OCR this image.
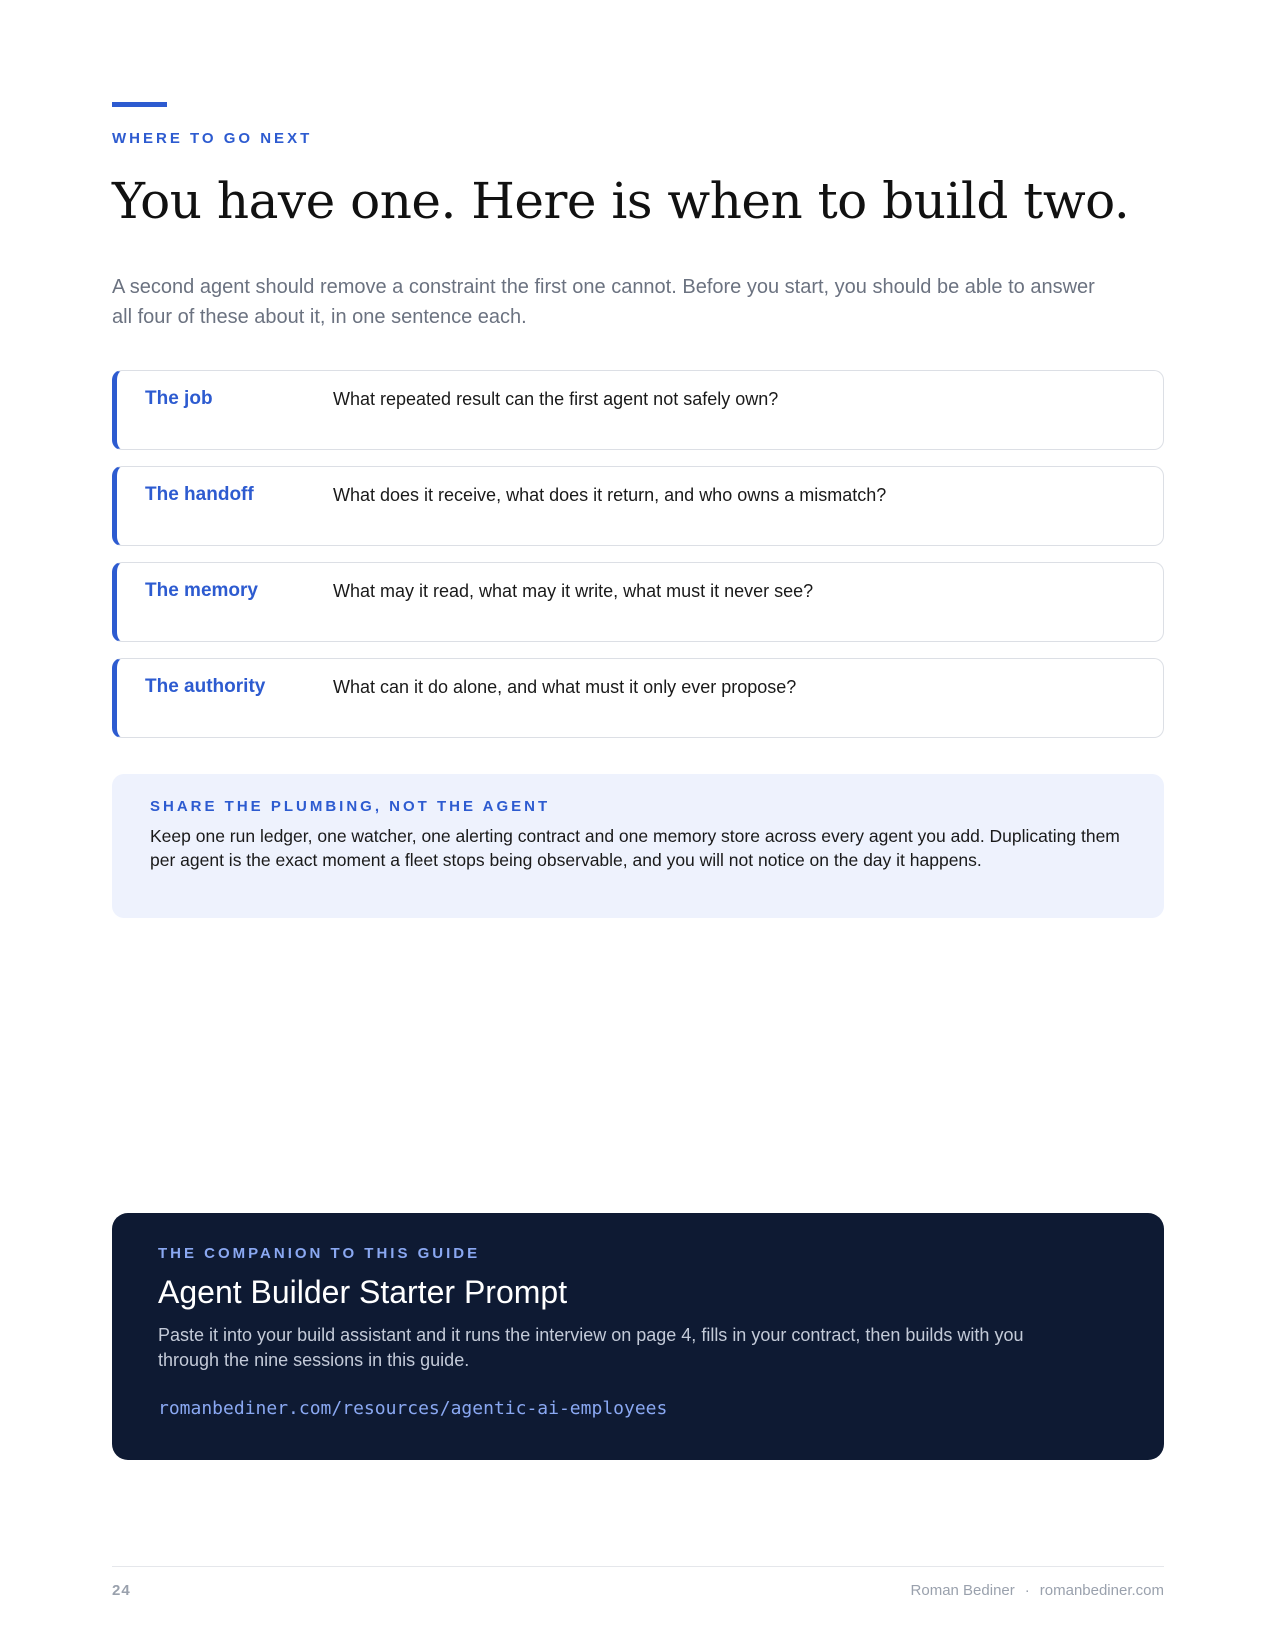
WHERE TO GO NEXT
You have one. Here is when to build two.

A second agent should remove a constraint the first one cannot. Before you start, you should be able to answer all four of these about it, in one sentence each.

The job	What repeated result can the first agent not safely own?
The handoff	What does it receive, what does it return, and who owns a mismatch?
The memory	What may it read, what may it write, what must it never see?
The authority	What can it do alone, and what must it only ever propose?
SHARE THE PLUMBING, NOT THE AGENT

Keep one run ledger, one watcher, one alerting contract and one memory store across every agent you add. Duplicating them per agent is the exact moment a fleet stops being observable, and you will not notice on the day it happens.

THE COMPANION TO THIS GUIDE
Agent Builder Starter Prompt

Paste it into your build assistant and it runs the interview on page 4, fills in your contract, then builds with you through the nine sessions in this guide.

romanbediner.com/resources/agentic-ai-employees
24	Roman Bediner · romanbediner.com
